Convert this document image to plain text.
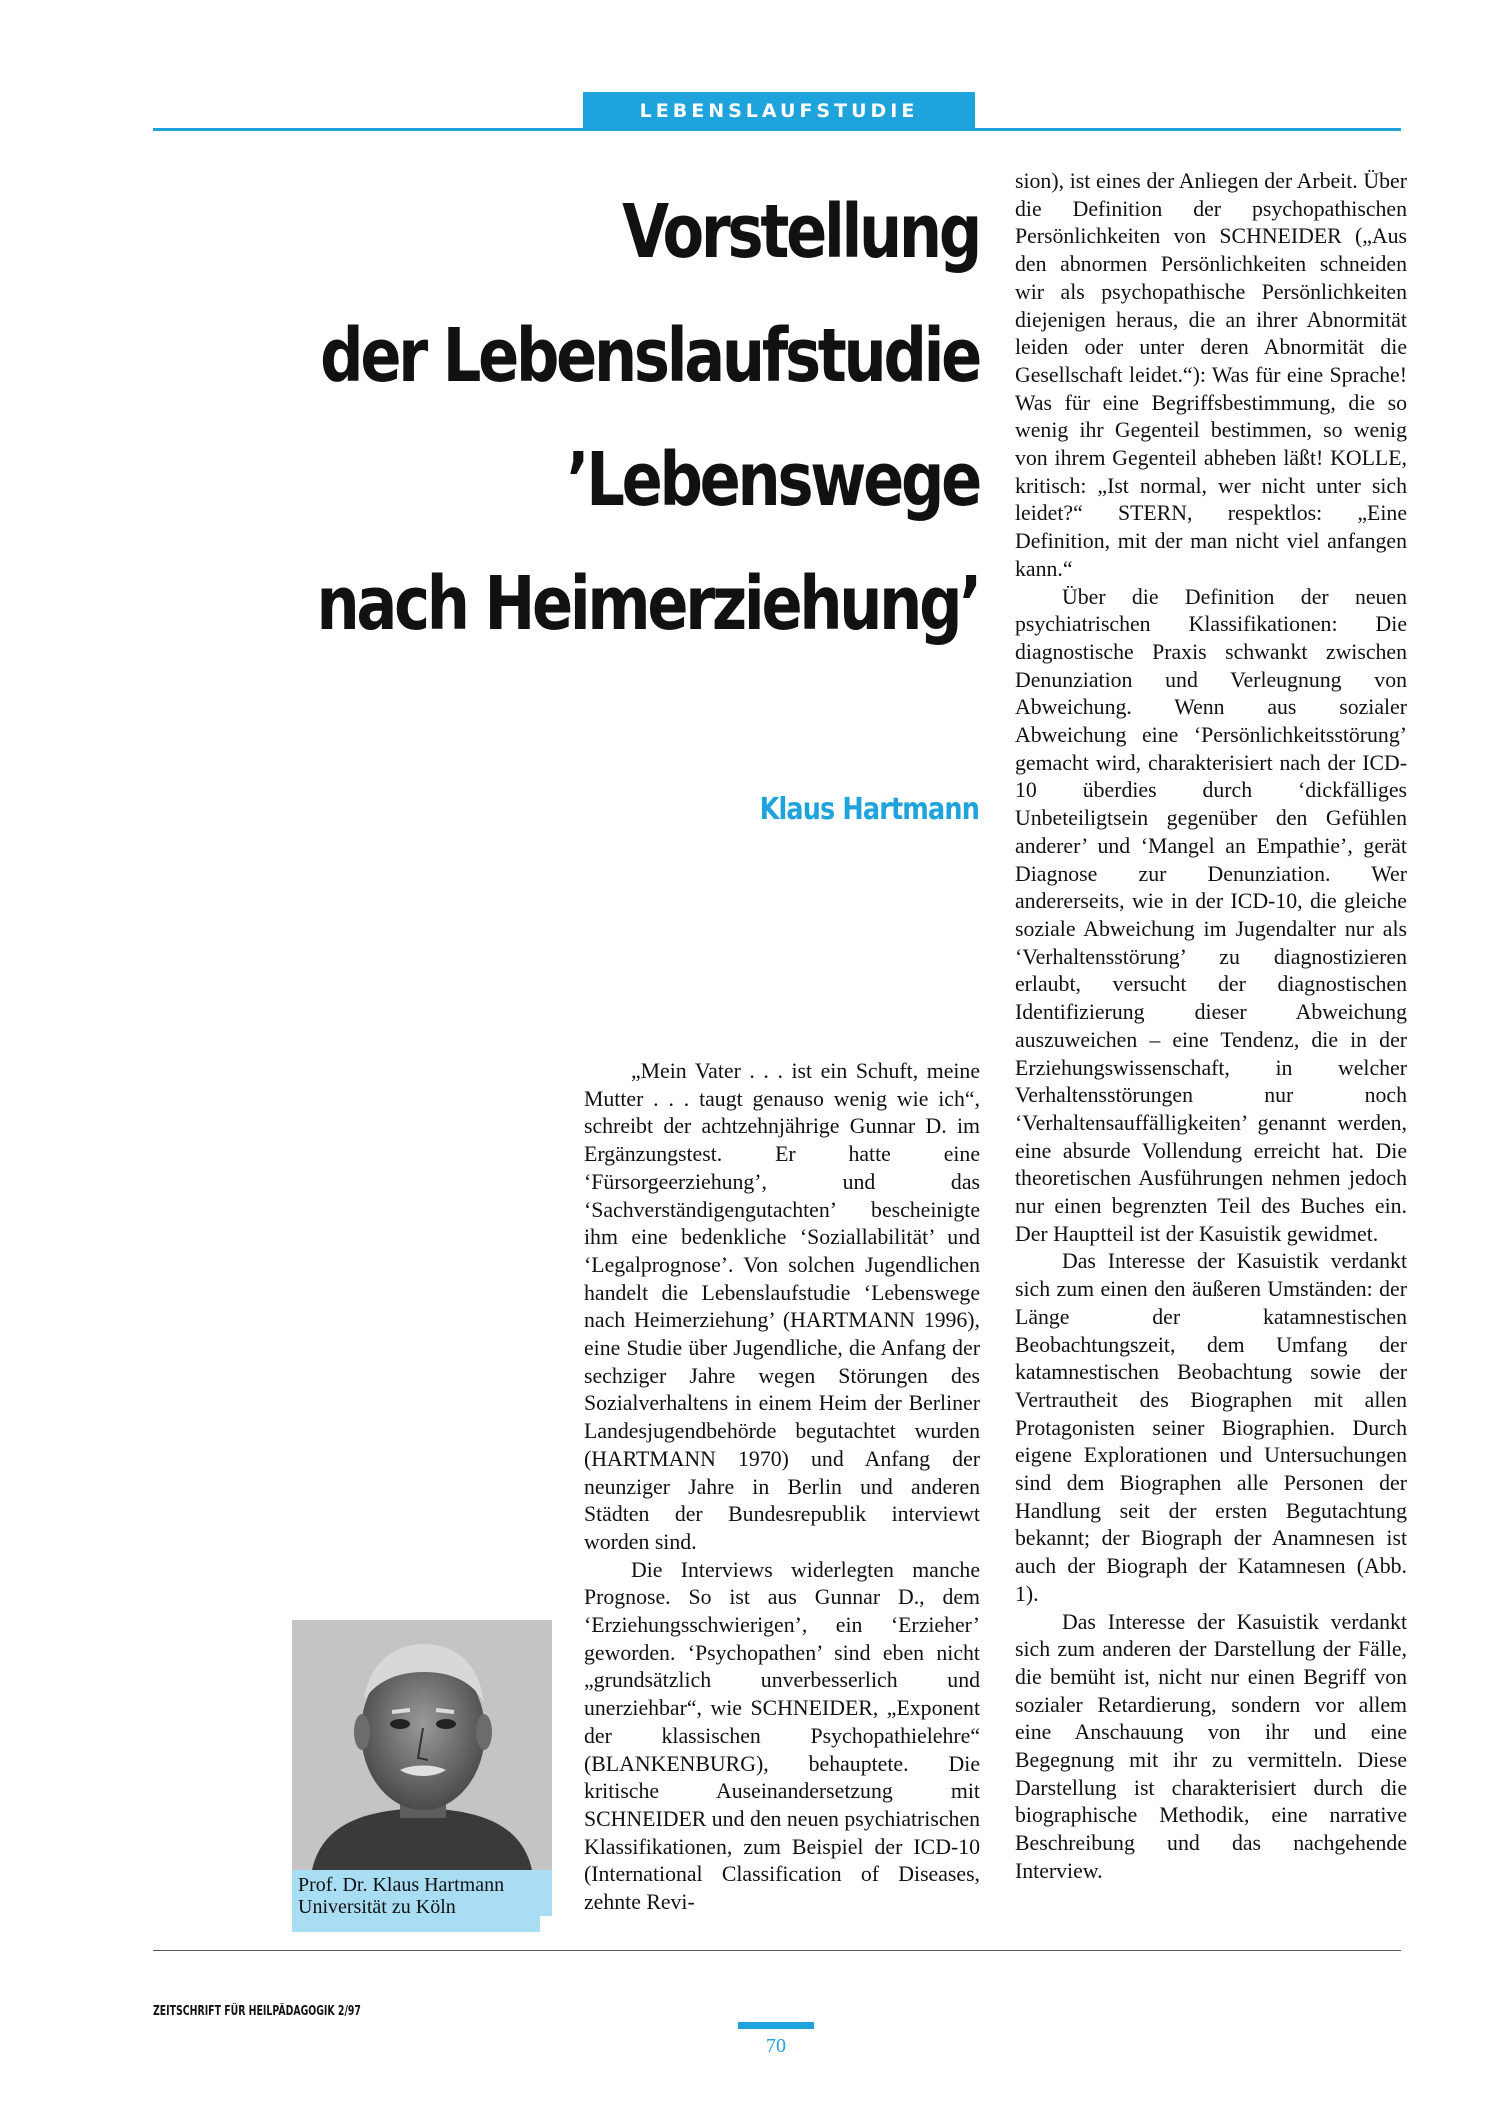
LEBENSLAUFSTUDIE
Vorstellung
der Lebenslaufstudie
’Lebenswege
nach Heimerziehung’
Klaus Hartmann
Prof. Dr. Klaus Hartmann
Universität zu Köln

„Mein Vater . . . ist ein Schuft, meine Mutter . . . taugt genauso wenig wie ich“, schreibt der achtzehnjährige Gunnar D. im Ergänzungstest. Er hatte eine ‘Fürsorgeerziehung’, und das ‘Sachverständigengutachten’ bescheinigte ihm eine bedenkliche ‘Soziallabilität’ und ‘Legalprognose’. Von solchen Jugendlichen handelt die Lebenslaufstudie ‘Lebenswege nach Heimerziehung’ (HARTMANN 1996), eine Studie über Jugendliche, die Anfang der sechziger Jahre wegen Störungen des Sozialverhaltens in einem Heim der Berliner Landesjugendbehörde begutachtet wurden (HARTMANN 1970) und Anfang der neunziger Jahre in Berlin und anderen Städten der Bundesrepublik interviewt worden sind.

Die Interviews widerlegten manche Prognose. So ist aus Gunnar D., dem ‘Erziehungsschwierigen’, ein ‘Erzieher’ geworden. ‘Psychopathen’ sind eben nicht „grundsätzlich unverbesserlich und unerziehbar“, wie SCHNEIDER, „Exponent der klassischen Psychopathielehre“ (BLANKENBURG), behauptete. Die kritische Auseinandersetzung mit SCHNEIDER und den neuen psychiatrischen Klassifikationen, zum Beispiel der ICD-10 (International Classification of Diseases, zehnte Revi-

sion), ist eines der Anliegen der Arbeit. Über die Definition der psychopathischen Persönlichkeiten von SCHNEIDER („Aus den abnormen Persönlichkeiten schneiden wir als psychopathische Persönlichkeiten diejenigen heraus, die an ihrer Abnormität leiden oder unter deren Abnormität die Gesellschaft leidet.“): Was für eine Sprache! Was für eine Begriffsbestimmung, die so wenig ihr Gegenteil bestimmen, so wenig von ihrem Gegenteil abheben läßt! KOLLE, kritisch: „Ist normal, wer nicht unter sich leidet?“ STERN, respektlos: „Eine Definition, mit der man nicht viel anfangen kann.“

Über die Definition der neuen psychiatrischen Klassifikationen: Die diagnostische Praxis schwankt zwischen Denunziation und Verleugnung von Abweichung. Wenn aus sozialer Abweichung eine ‘Persönlichkeitsstörung’ gemacht wird, charakterisiert nach der ICD-10 überdies durch ‘dickfälliges Unbeteiligtsein gegenüber den Gefühlen anderer’ und ‘Mangel an Empathie’, gerät Diagnose zur Denunziation. Wer andererseits, wie in der ICD-10, die gleiche soziale Abweichung im Jugendalter nur als ‘Verhaltensstörung’ zu diagnostizieren erlaubt, versucht der diagnostischen Identifizierung dieser Abweichung auszuweichen – eine Tendenz, die in der Erziehungswissenschaft, in welcher Verhaltensstörungen nur noch ‘Verhaltensauffälligkeiten’ genannt werden, eine absurde Vollendung erreicht hat. Die theoretischen Ausführungen nehmen jedoch nur einen begrenzten Teil des Buches ein. Der Hauptteil ist der Kasuistik gewidmet.

Das Interesse der Kasuistik verdankt sich zum einen den äußeren Umständen: der Länge der katamnestischen Beobachtungszeit, dem Umfang der katamnestischen Beobachtung sowie der Vertrautheit des Biographen mit allen Protagonisten seiner Biographien. Durch eigene Explorationen und Untersuchungen sind dem Biographen alle Personen der Handlung seit der ersten Begutachtung bekannt; der Biograph der Anamnesen ist auch der Biograph der Katamnesen (Abb. 1).

Das Interesse der Kasuistik verdankt sich zum anderen der Darstellung der Fälle, die bemüht ist, nicht nur einen Begriff von sozialer Retardierung, sondern vor allem eine Anschauung von ihr und eine Begegnung mit ihr zu vermitteln. Diese Darstellung ist charakterisiert durch die biographische Methodik, eine narrative Beschreibung und das nachgehende Interview.

ZEITSCHRIFT FÜR HEILPÄDAGOGIK 2/97
70
